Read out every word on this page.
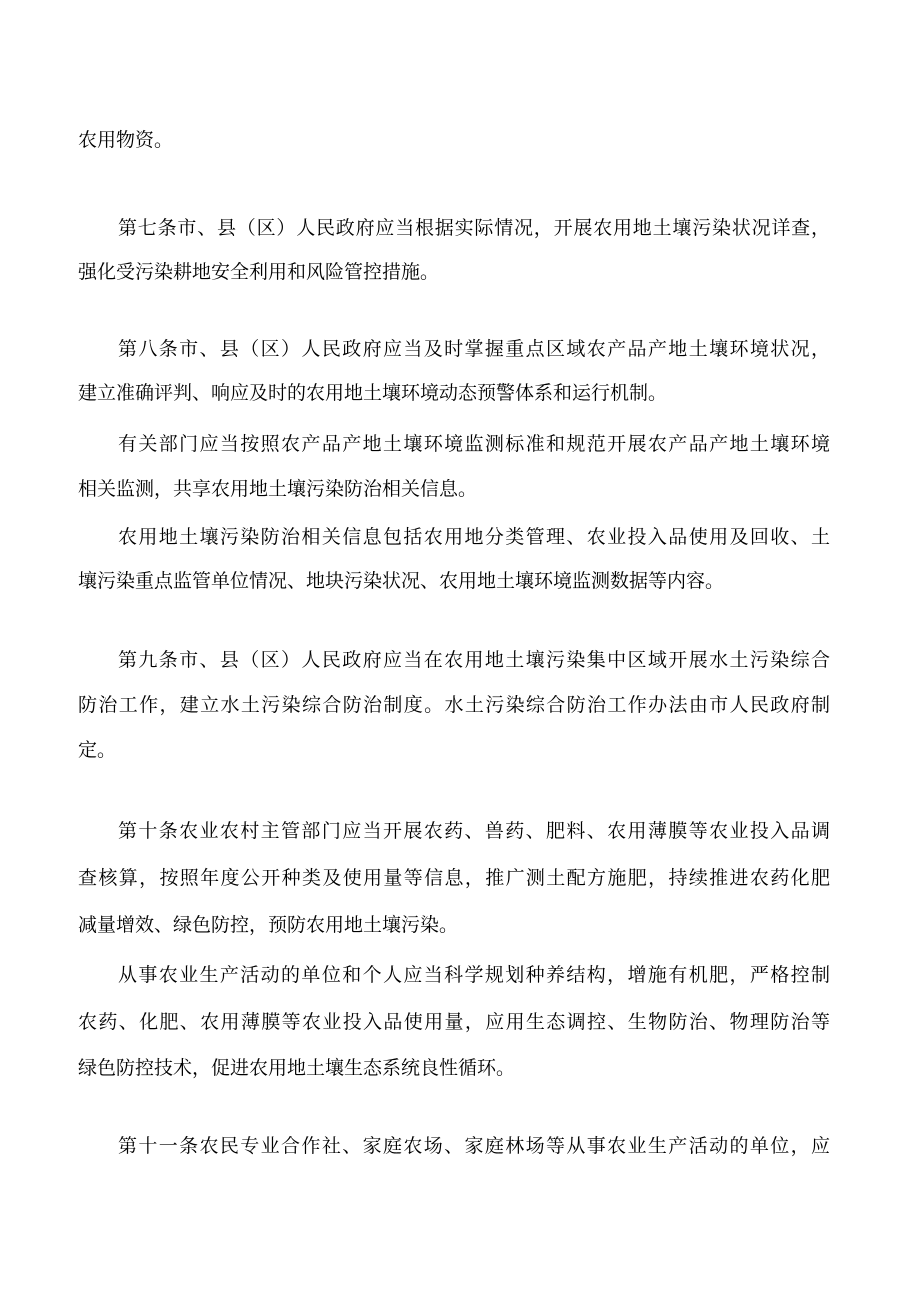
农用物资。
第七条市、县（区）人民政府应当根据实际情况，开展农用地土壤污染状况详查，
强化受污染耕地安全利用和风险管控措施。
第八条市、县（区）人民政府应当及时掌握重点区域农产品产地土壤环境状况，
建立准确评判、响应及时的农用地土壤环境动态预警体系和运行机制。
有关部门应当按照农产品产地土壤环境监测标准和规范开展农产品产地土壤环境
相关监测，共享农用地土壤污染防治相关信息。
农用地土壤污染防治相关信息包括农用地分类管理、农业投入品使用及回收、土
壤污染重点监管单位情况、地块污染状况、农用地土壤环境监测数据等内容。
第九条市、县（区）人民政府应当在农用地土壤污染集中区域开展水土污染综合
防治工作，建立水土污染综合防治制度。水土污染综合防治工作办法由市人民政府制
定。
第十条农业农村主管部门应当开展农药、兽药、肥料、农用薄膜等农业投入品调
查核算，按照年度公开种类及使用量等信息，推广测土配方施肥，持续推进农药化肥
减量增效、绿色防控，预防农用地土壤污染。
从事农业生产活动的单位和个人应当科学规划种养结构，增施有机肥，严格控制
农药、化肥、农用薄膜等农业投入品使用量，应用生态调控、生物防治、物理防治等
绿色防控技术，促进农用地土壤生态系统良性循环。
第十一条农民专业合作社、家庭农场、家庭林场等从事农业生产活动的单位，应
